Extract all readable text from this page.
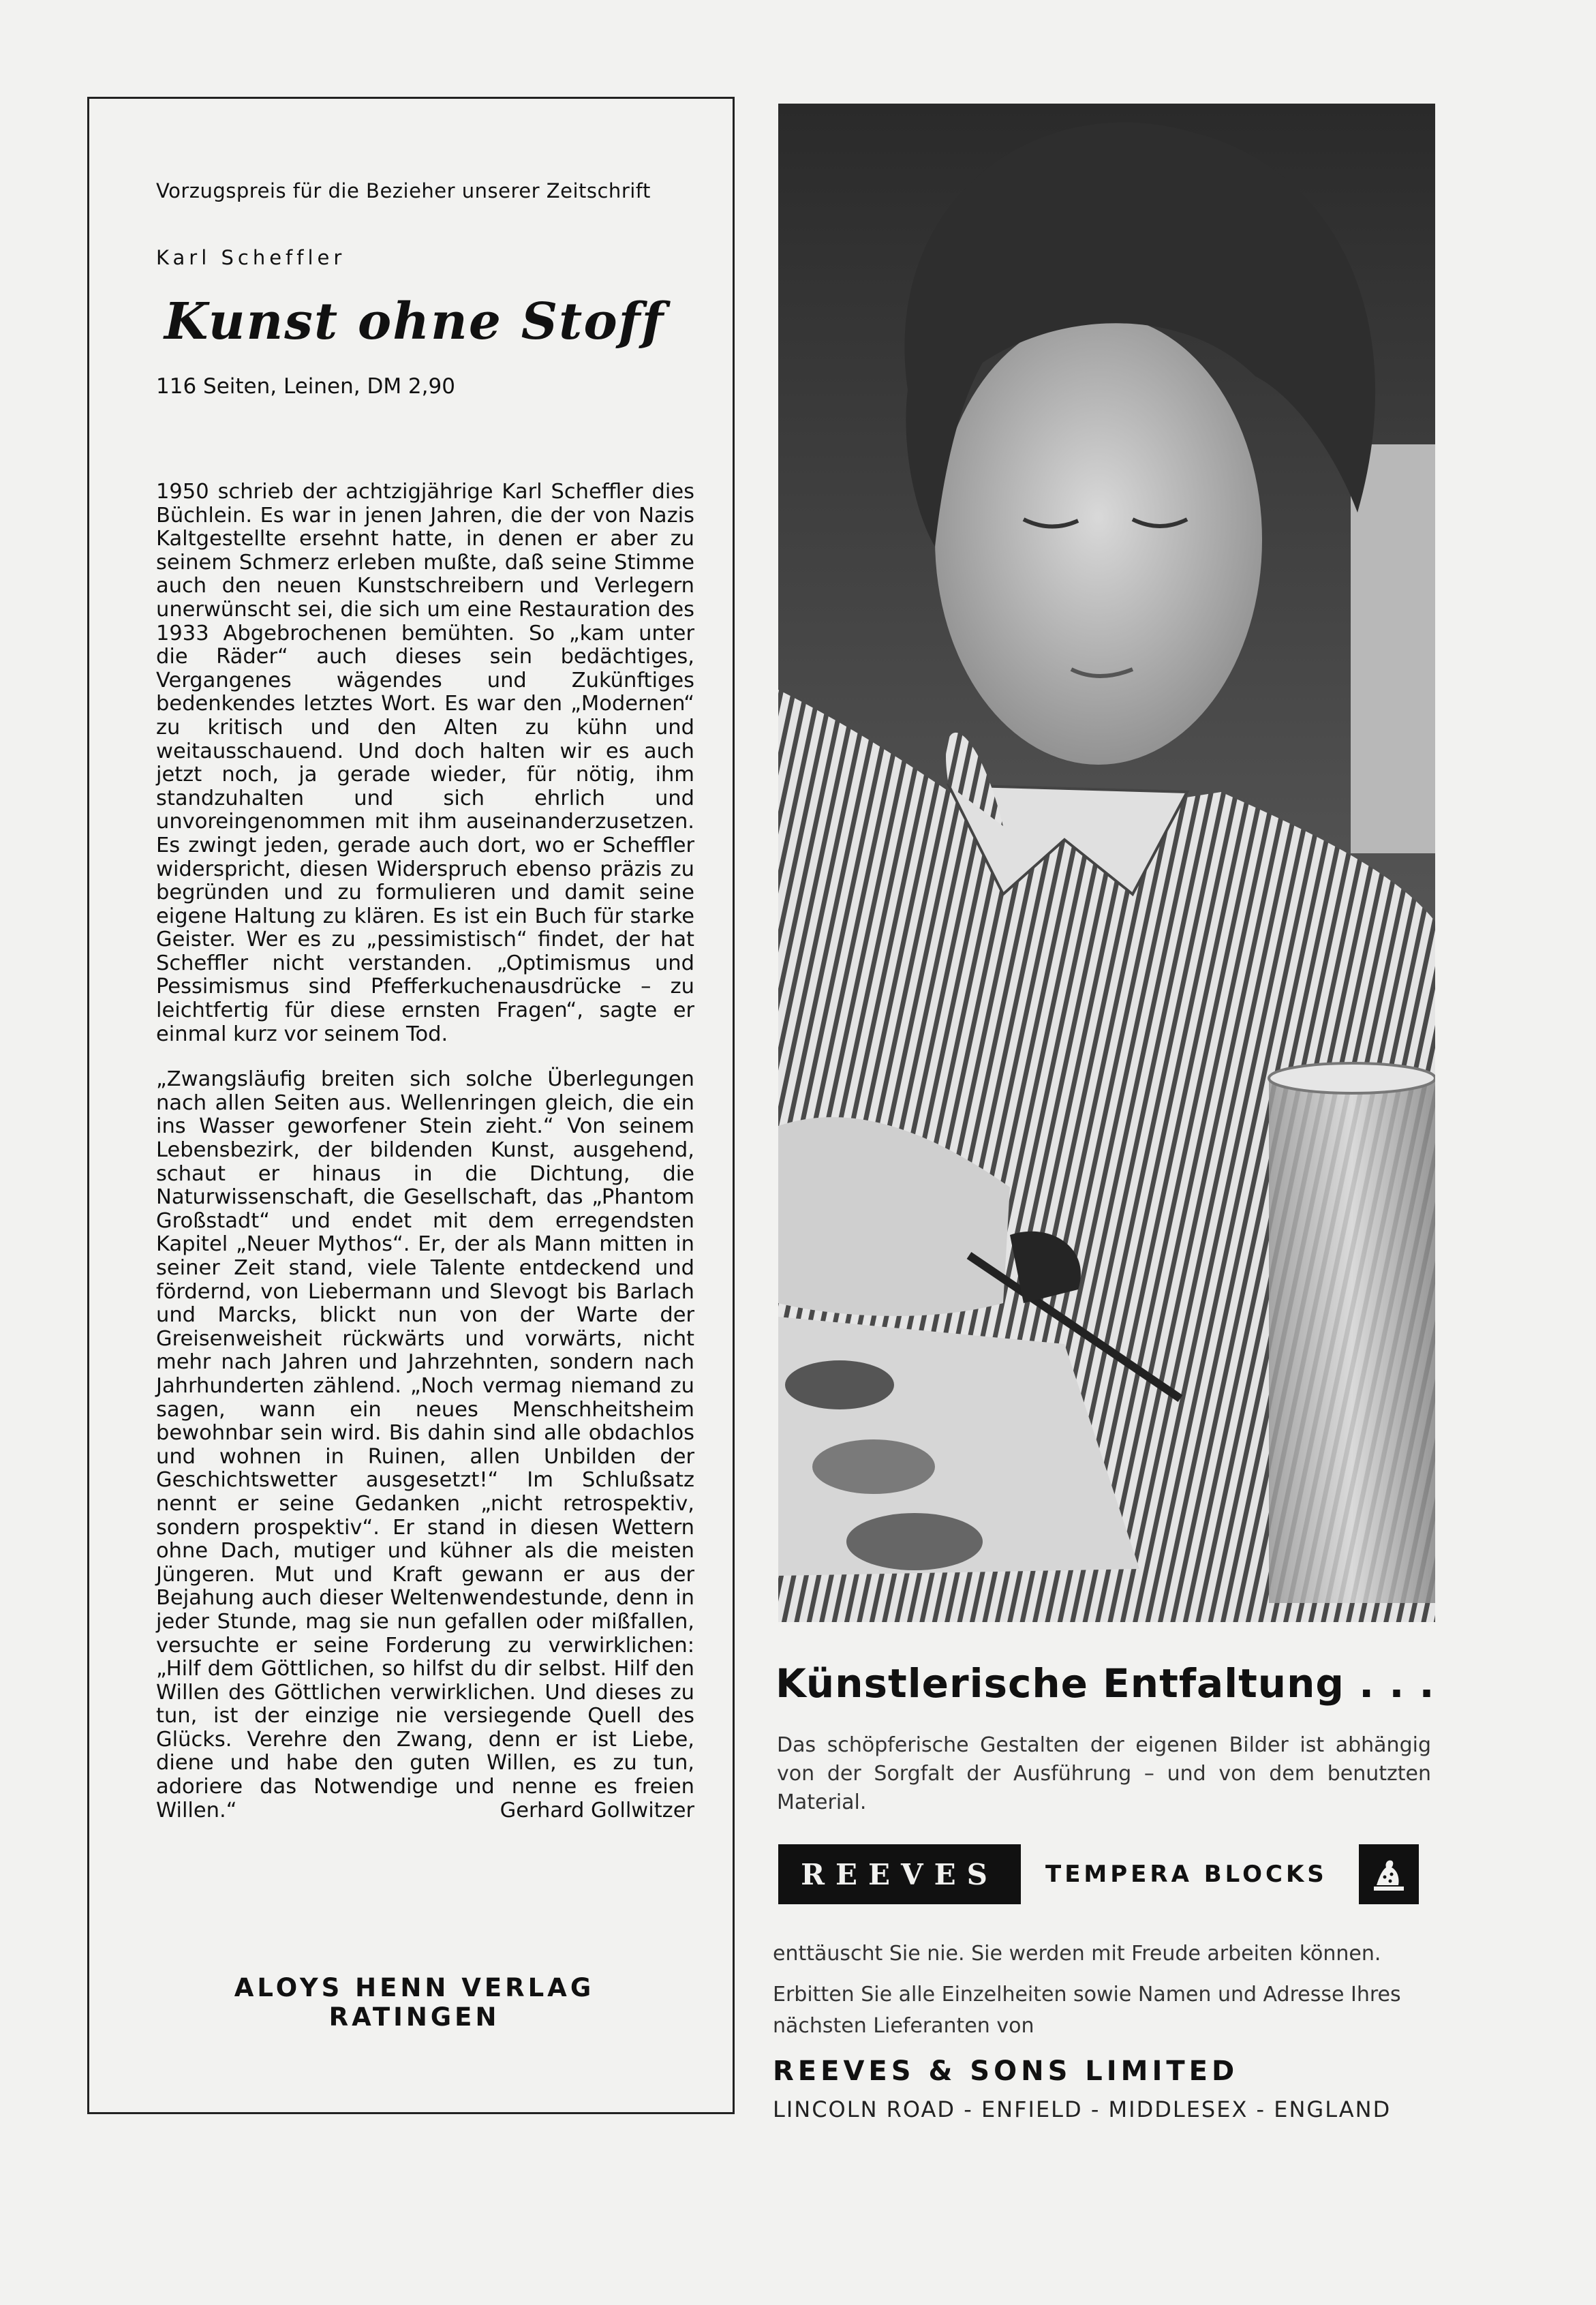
Vorzugspreis für die Bezieher unserer Zeitschrift
Karl Scheffler
Kunst ohne Stoff
116 Seiten, Leinen, DM 2,90

1950 schrieb der achtzigjährige Karl Scheffler dies Büchlein. Es war in jenen Jahren, die der von Nazis Kaltgestellte ersehnt hatte, in denen er aber zu seinem Schmerz erleben mußte, daß seine Stimme auch den neuen Kunstschreibern und Verlegern unerwünscht sei, die sich um eine Restauration des 1933 Abgebrochenen bemühten. So „kam unter die Räder“ auch dieses sein bedächtiges, Vergangenes wägendes und Zukünftiges bedenkendes letztes Wort. Es war den „Modernen“ zu kritisch und den Alten zu kühn und weitausschauend. Und doch halten wir es auch jetzt noch, ja gerade wieder, für nötig, ihm standzuhalten und sich ehrlich und unvoreingenommen mit ihm auseinanderzusetzen. Es zwingt jeden, gerade auch dort, wo er Scheffler widerspricht, diesen Widerspruch ebenso präzis zu begründen und zu formulieren und damit seine eigene Haltung zu klären. Es ist ein Buch für starke Geister. Wer es zu „pessimistisch“ findet, der hat Scheffler nicht verstanden. „Optimismus und Pessimismus sind Pfefferkuchenausdrücke – zu leichtfertig für diese ernsten Fragen“, sagte er einmal kurz vor seinem Tod.

„Zwangsläufig breiten sich solche Überlegungen nach allen Seiten aus. Wellenringen gleich, die ein ins Wasser geworfener Stein zieht.“ Von seinem Lebensbezirk, der bildenden Kunst, ausgehend, schaut er hinaus in die Dichtung, die Naturwissenschaft, die Gesellschaft, das „Phantom Großstadt“ und endet mit dem erregendsten Kapitel „Neuer Mythos“. Er, der als Mann mitten in seiner Zeit stand, viele Talente entdeckend und fördernd, von Liebermann und Slevogt bis Barlach und Marcks, blickt nun von der Warte der Greisenweisheit rückwärts und vorwärts, nicht mehr nach Jahren und Jahrzehnten, sondern nach Jahrhunderten zählend. „Noch vermag niemand zu sagen, wann ein neues Menschheitsheim bewohnbar sein wird. Bis dahin sind alle obdachlos und wohnen in Ruinen, allen Unbilden der Geschichtswetter ausgesetzt!“ Im Schlußsatz nennt er seine Gedanken „nicht retrospektiv, sondern prospektiv“. Er stand in diesen Wettern ohne Dach, mutiger und kühner als die meisten Jüngeren. Mut und Kraft gewann er aus der Bejahung auch dieser Weltenwendestunde, denn in jeder Stunde, mag sie nun gefallen oder mißfallen, versuchte er seine Forderung zu verwirklichen: „Hilf dem Göttlichen, so hilfst du dir selbst. Hilf den Willen des Göttlichen verwirklichen. Und dieses zu tun, ist der einzige nie versiegende Quell des Glücks. Verehre den Zwang, denn er ist Liebe, diene und habe den guten Willen, es zu tun, adoriere das Notwendige und nenne es freien Willen.“	Gerhard Gollwitzer

ALOYS HENN VERLAG RATINGEN
Künstlerische Entfaltung . . .
Das schöpferische Gestalten der eigenen Bilder ist abhängig von der Sorgfalt der Ausführung – und von dem benutzten Material.
REEVES	TEMPERA BLOCKS

enttäuscht Sie nie. Sie werden mit Freude arbeiten können.

Erbitten Sie alle Einzelheiten sowie Namen und Adresse Ihres nächsten Lieferanten von

REEVES & SONS LIMITED
LINCOLN ROAD - ENFIELD - MIDDLESEX - ENGLAND
